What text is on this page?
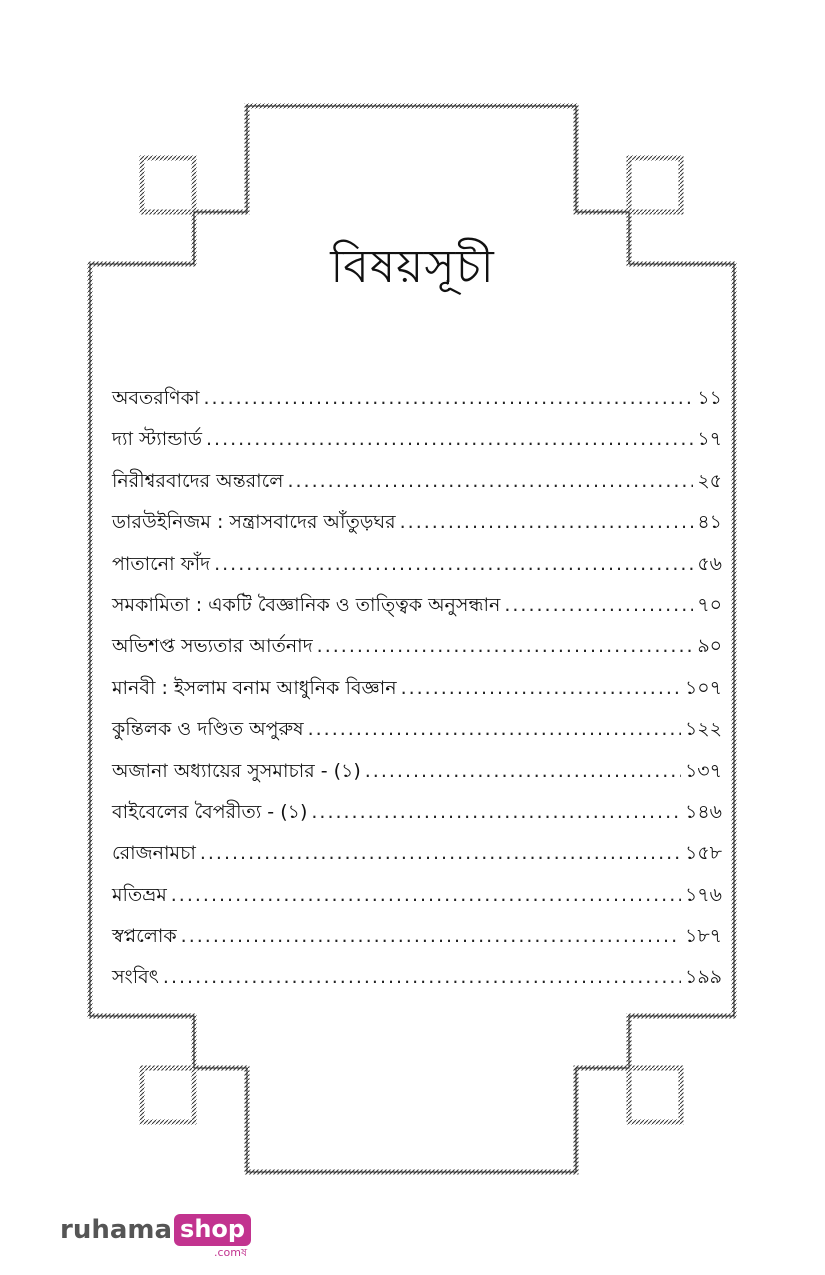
বিষয়সূচী
অবতরণিকা .....	১১
দ্যা স্ট্যান্ডার্ড .....	১৭
নিরীশ্বরবাদের অন্তরালে .....	২৫
ডারউইনিজম : সন্ত্রাসবাদের আঁতুড়ঘর .....	৪১
পাতানো ফাঁদ .....	৫৬
সমকামিতা : একটি বৈজ্ঞানিক ও তাত্ত্বিক অনুসন্ধান .....	৭০
অভিশপ্ত সভ্যতার আর্তনাদ .....	৯০
মানবী : ইসলাম বনাম আধুনিক বিজ্ঞান .....	১০৭
কুন্তিলক ও দণ্ডিত অপুরুষ .....	১২২
অজানা অধ্যায়ের সুসমাচার - (১) .....	১৩৭
বাইবেলের বৈপরীত্য - (১) .....	১৪৬
রোজনামচা .....	১৫৮
মতিভ্রম .....	১৭৬
স্বপ্নলোক .....	১৮৭
সংবিৎ .....	১৯৯
ruhama shop
.comষ
